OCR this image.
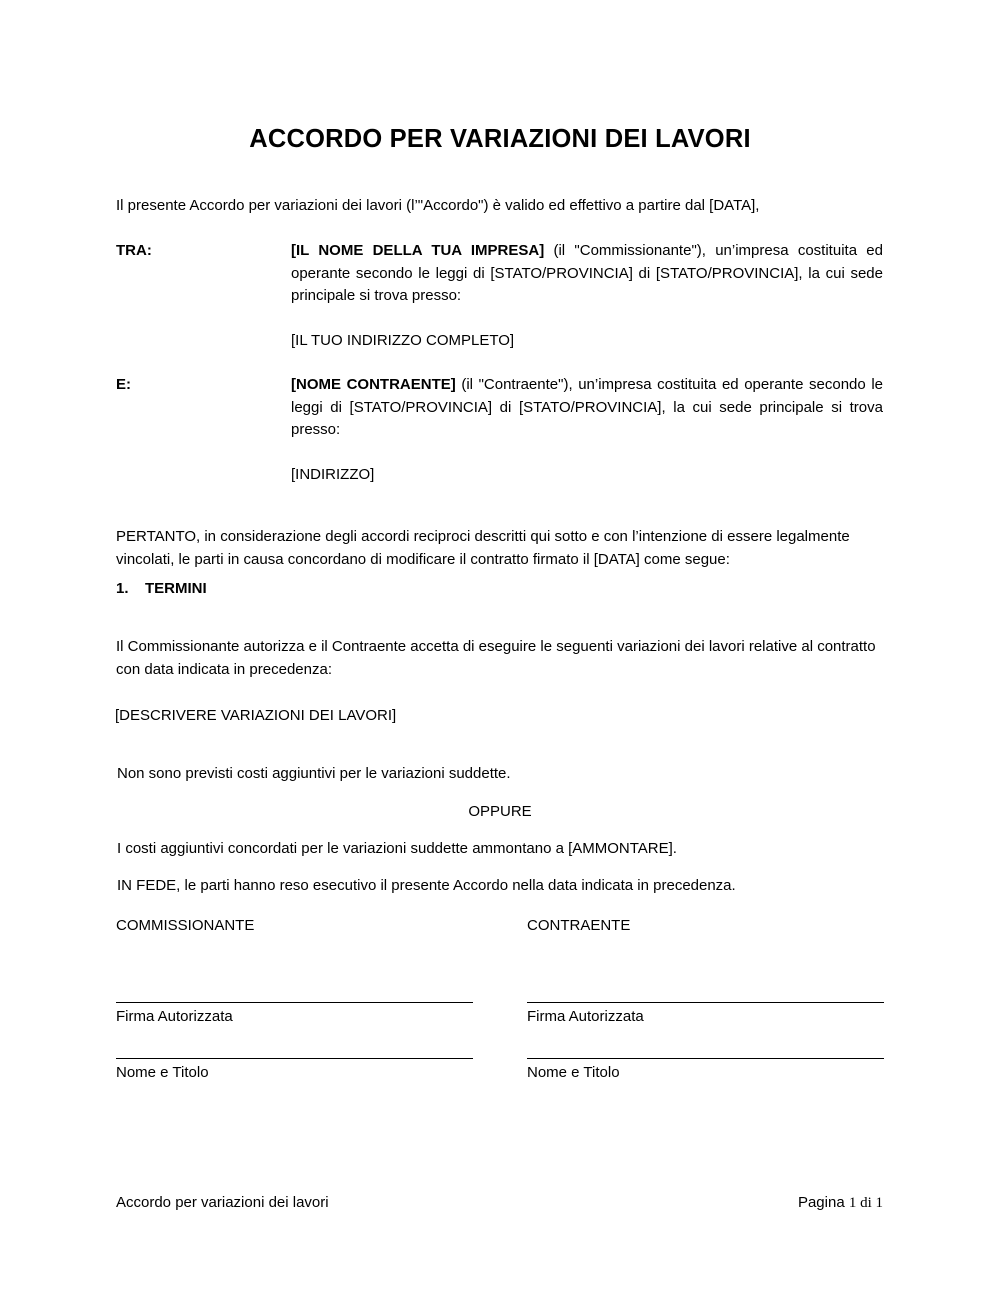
ACCORDO PER VARIAZIONI DEI LAVORI

Il presente Accordo per variazioni dei lavori (l’"Accordo") è valido ed effettivo a partire dal [DATA],

TRA:	[IL NOME DELLA TUA IMPRESA] (il "Commissionante"), un’impresa costituita ed operante secondo le leggi di [STATO/PROVINCIA] di [STATO/PROVINCIA], la cui sede principale si trova presso:
[IL TUO INDIRIZZO COMPLETO]
E:	[NOME CONTRAENTE] (il "Contraente"), un’impresa costituita ed operante secondo le leggi di [STATO/PROVINCIA] di [STATO/PROVINCIA], la cui sede principale si trova presso:
[INDIRIZZO]

PERTANTO, in considerazione degli accordi reciproci descritti qui sotto e con l’intenzione di essere legalmente vincolati, le parti in causa concordano di modificare il contratto firmato il [DATA] come segue:

1. TERMINI

Il Commissionante autorizza e il Contraente accetta di eseguire le seguenti variazioni dei lavori relative al contratto con data indicata in precedenza:

[DESCRIVERE VARIAZIONI DEI LAVORI]

Non sono previsti costi aggiuntivi per le variazioni suddette.

OPPURE

I costi aggiuntivi concordati per le variazioni suddette ammontano a [AMMONTARE].

IN FEDE, le parti hanno reso esecutivo il presente Accordo nella data indicata in precedenza.

COMMISSIONANTE	CONTRAENTE
Firma Autorizzata	Firma Autorizzata
Nome e Titolo	Nome e Titolo
Accordo per variazioni dei lavori	Pagina 1 di 1
